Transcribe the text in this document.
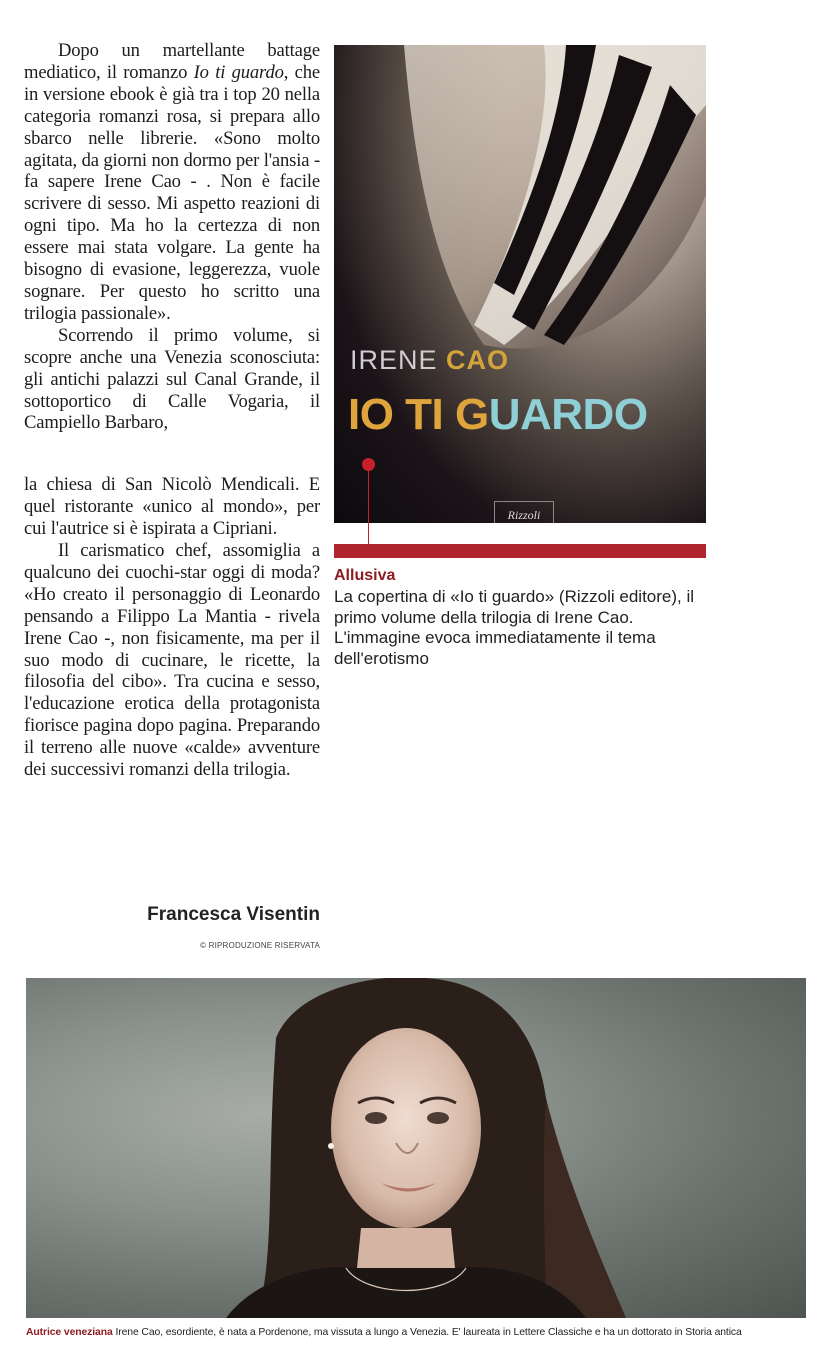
Dopo un martellante battage mediatico, il romanzo Io ti guardo, che in versione ebook è già tra i top 20 nella categoria romanzi rosa, si prepara allo sbarco nelle librerie. «Sono molto agitata, da giorni non dormo per l'ansia - fa sapere Irene Cao - . Non è facile scrivere di sesso. Mi aspetto reazioni di ogni tipo. Ma ho la certezza di non essere mai stata volgare. La gente ha bisogno di evasione, leggerezza, vuole sognare. Per questo ho scritto una trilogia passionale».

Scorrendo il primo volume, si scopre anche una Venezia sconosciuta: gli antichi palazzi sul Canal Grande, il sottoportico di Calle Vogaria, il Campiello Barbaro,

la chiesa di San Nicolò Mendicali. E quel ristorante «unico al mondo», per cui l'autrice si è ispirata a Cipriani.

Il carismatico chef, assomiglia a qualcuno dei cuochi-star oggi di moda? «Ho creato il personaggio di Leonardo pensando a Filippo La Mantia - rivela Irene Cao -, non fisicamente, ma per il suo modo di cucinare, le ricette, la filosofia del cibo». Tra cucina e sesso, l'educazione erotica della protagonista fiorisce pagina dopo pagina. Preparando il terreno alle nuove «calde» avventure dei successivi romanzi della trilogia.

Francesca Visentin
© RIPRODUZIONE RISERVATA
IRENE CAO
IO TI GUARDO
Rizzoli
Allusiva
La copertina di «Io ti guardo» (Rizzoli editore), il primo volume della trilogia di Irene Cao. L'immagine evoca immediatamente il tema dell'erotismo
Autrice veneziana Irene Cao, esordiente, è nata a Pordenone, ma vissuta a lungo a Venezia. E' laureata in Lettere Classiche e ha un dottorato in Storia antica
